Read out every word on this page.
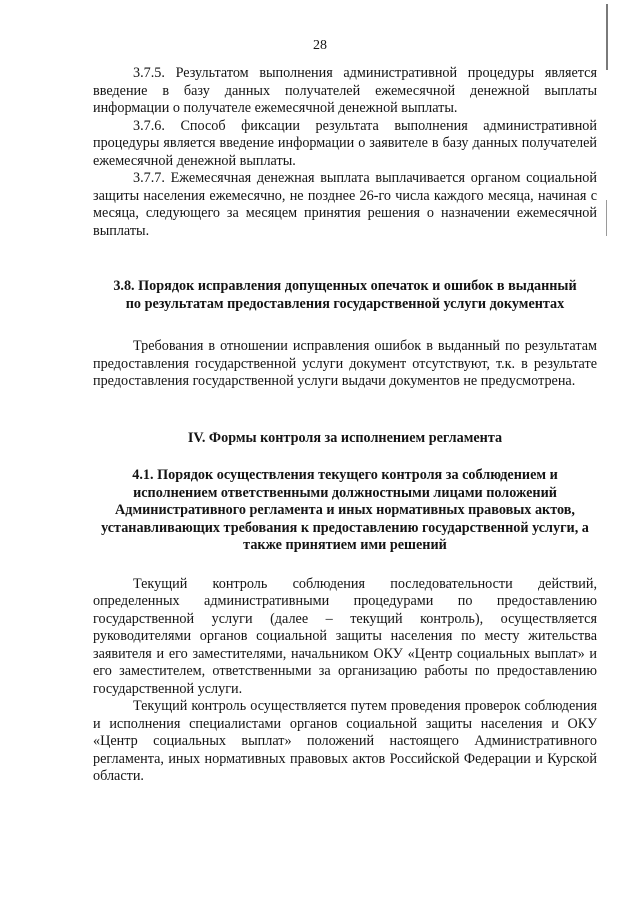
28

3.7.5. Результатом выполнения административной процедуры является введение в базу данных получателей ежемесячной денежной выплаты информации о получателе ежемесячной денежной выплаты.

3.7.6. Способ фиксации результата выполнения административной процедуры является введение информации о заявителе в базу данных получателей ежемесячной денежной выплаты.

3.7.7. Ежемесячная денежная выплата выплачивается органом социальной защиты населения ежемесячно, не позднее 26-го числа каждого месяца, начиная с месяца, следующего за месяцем принятия решения о назначении ежемесячной выплаты.

3.8. Порядок исправления допущенных опечаток и ошибок в выданный по результатам предоставления государственной услуги документах

Требования в отношении исправления ошибок в выданный по результатам предоставления государственной услуги документ отсутствуют, т.к. в результате предоставления государственной услуги выдачи документов не предусмотрена.

IV. Формы контроля за исполнением регламента

4.1. Порядок осуществления текущего контроля за соблюдением и исполнением ответственными должностными лицами положений Административного регламента и иных нормативных правовых актов, устанавливающих требования к предоставлению государственной услуги, а также принятием ими решений

Текущий контроль соблюдения последовательности действий, определенных административными процедурами по предоставлению государственной услуги (далее – текущий контроль), осуществляется руководителями органов социальной защиты населения по месту жительства заявителя и его заместителями, начальником ОКУ «Центр социальных выплат» и его заместителем, ответственными за организацию работы по предоставлению государственной услуги.

Текущий контроль осуществляется путем проведения проверок соблюдения и исполнения специалистами органов социальной защиты населения и ОКУ «Центр социальных выплат» положений настоящего Административного регламента, иных нормативных правовых актов Российской Федерации и Курской области.
